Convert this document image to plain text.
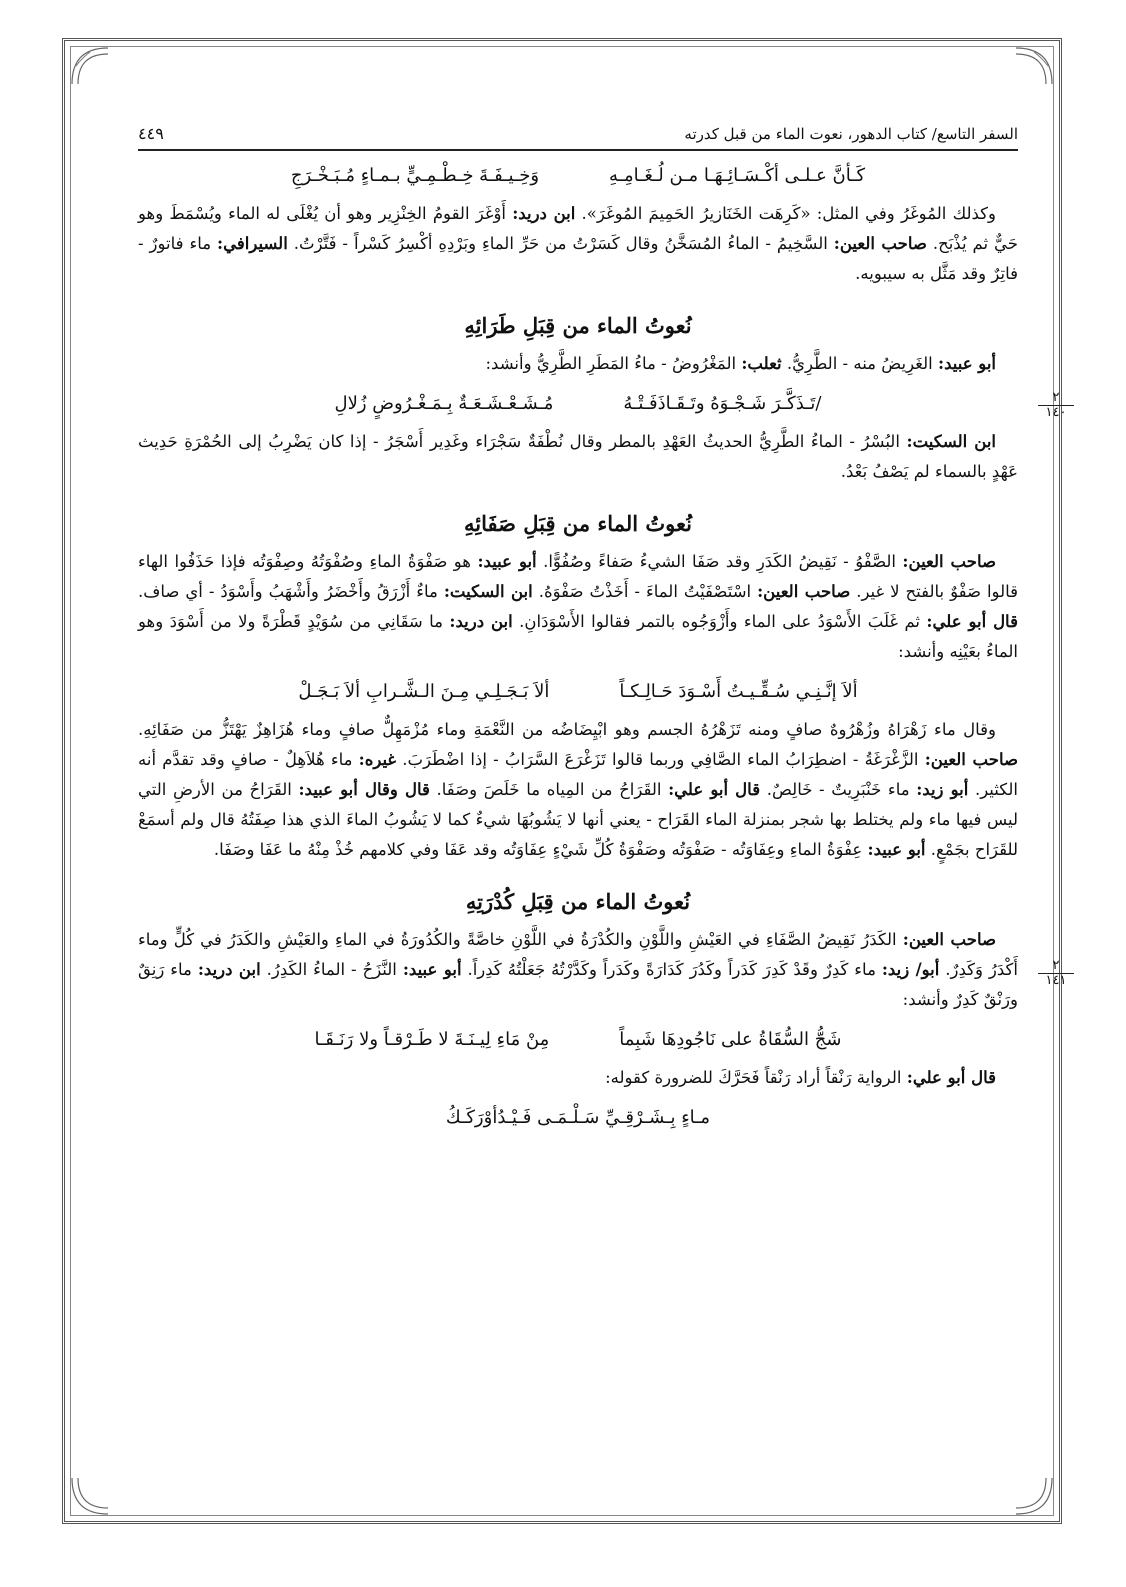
السفر التاسع/ كتاب الدهور، نعوت الماء من قبل كدرته
٤٤٩
كَـأنَّ عـلـى أكْـسَـائِـهَـا مـن لُـغَـامِـهِ
وَخِـيـفَـةَ خِـطْـمِـيٍّ بـمـاءٍ مُـبَـخْـرَجِ

وكذلك المُوغَرُ وفي المثل: «كَرِهَت الخَنَازيرُ الحَمِيمَ المُوغَرَ». ابن دريد: أَوْغَرَ القومُ الخِنْزِير وهو أن يُغْلَى له الماء ويُسْمَطَ وهو حَيٌّ ثم يُذْبَح. صاحب العين: السَّخِيمُ - الماءُ المُسَخَّنُ وقال كَسَرْتُ من حَرِّ الماءِ وبَرْدِهِ أكْسِرُ كَسْراً - فَتَّرْتُ. السيرافي: ماء فاتورٌ - فاتِرٌ وقد مَثَّل به سيبويه.

نُعوتُ الماء من قِبَلِ طَرَائِهِ

أبو عبيد: الغَرِيضُ منه - الطَّرِيُّ. ثعلب: المَغْرُوضُ - ماءُ المَطَرِ الطَّرِيُّ وأنشد:

/تَـذَكَّـرَ شَـجْـوَهُ وتَـقَـاذَفَـتْـهُ
مُـشَـعْـشَـعَـةٌ بِـمَـغْـرُوضٍ زُلالِ	٢
١٤٠

ابن السكيت: البُسْرُ - الماءُ الطَّرِيُّ الحديثُ العَهْدِ بالمطر وقال نُطْفَةٌ سَجْرَاء وغَدِير أَسْجَرُ - إذا كان يَضْرِبُ إلى الحُمْرَةِ حَدِيث عَهْدٍ بالسماء لم يَصْفُ بَعْدُ.

نُعوتُ الماء من قِبَلِ صَفَائِهِ

صاحب العين: الصَّفْوُ - نَقِيضُ الكَدَرِ وقد صَفَا الشيءُ صَفاءً وصُفُوًّا. أبو عبيد: هو صَفْوَةُ الماءِ وصُفْوَتُهُ وصِفْوَتُه فإذا حَذَفُوا الهاء قالوا صَفْوٌ بالفتح لا غير. صاحب العين: اسْتَصْفَيْتُ الماءَ - أَخَذْتُ صَفْوَهُ. ابن السكيت: ماءٌ أَزْرَقُ وأَخْضَرُ وأَشْهَبُ وأَسْوَدُ - أي صاف. قال أبو علي: ثم غَلَبَ الأَسْوَدُ على الماء وأَزْوَجُوه بالتمر فقالوا الأَسْوَدَانِ. ابن دريد: ما سَقَانِي من سُوَيْدٍ قَطْرَةً ولا من أَسْوَدَ وهو الماءُ بعَيْنِه وأنشد:

ألاَ إنَّـنِـي سُـقِّـيـتُ أَسْـوَدَ حَـالِـكـاً
ألاَ بَـجَـلِـي مِـنَ الـشَّـرابِ ألاَ بَـجَـلْ

وقال ماء زَهْرَاهُ وزُهْرُوهٌ صافٍ ومنه تَزَهْرُهُ الجسم وهو ابْيِضَاضُه من النَّعْمَةِ وماء مُزْمَهِلٌّ صافٍ وماء هُزَاهِزٌ يَهْتَزُّ من صَفَائِهِ. صاحب العين: الزَّغْرَغَةُ - اضطِرَابُ الماء الصَّافِي وربما قالوا تَزَغْرَعَ السَّرَابُ - إذا اضْطَرَبَ. غيره: ماء هُلاَهِلٌ - صافٍ وقد تقدَّم أنه الكثير. أبو زيد: ماء خَنْبَرِيتٌ - خَالِصٌ. قال أبو علي: القَرَاحُ من المِياه ما خَلَصَ وصَفَا. قال وقال أبو عبيد: القَرَاحُ من الأرضِ التي ليس فيها ماء ولم يختلط بها شجر بمنزلة الماء القَرَاح - يعني أنها لا يَشُوبُهَا شيءٌ كما لا يَشُوبُ الماءَ الذي هذا صِفَتُهُ قال ولم أسمَعْ للقَرَاح بجَمْعٍ. أبو عبيد: عِفْوَةُ الماءِ وعِفَاوَتُه - صَفْوَتُه وصَفْوَةُ كُلِّ شَيْءٍ عِفَاوَتُه وقد عَفَا وفي كلامهم خُذْ مِنْهُ ما عَفَا وصَفَا.

نُعوتُ الماء من قِبَلِ كُدْرَتِهِ

صاحب العين: الكَدَرُ نَقِيضُ الصَّفَاءِ في العَيْشِ واللَّوْنِ والكُدْرَةُ في اللَّوْنِ خاصَّةً والكُدُورَةُ في الماءِ والعَيْشِ والكَدَرُ في كُلٍّ وماء أَكْدَرُ وَكَدِرٌ. أبو/ زيد: ماء كَدِرٌ وقَدْ كَدِرَ كَدَراً وكَدُرَ كَدَارَةً وكَدَراً وكَدَّرْتُهُ جَعَلْتُهُ كَدِراً. أبو عبيد: النَّزَحُ - الماءُ الكَدِرُ. ابن دريد: ماء رَنِقٌ ورَنْقٌ كَدِرٌ وأنشد:

٢
١٤١
شَجُّ السُّقَاةُ على نَاجُودِهَا شَبِماً
مِنْ مَاءِ لِيـنَـةَ لا طَـرْقـاً ولا رَنَـقَـا

قال أبو علي: الرواية رَنْقاً أراد رَنْقاً فَحَرَّكَ للضرورة كقوله:

مـاءٍ بِـشَـرْقِـيِّ سَـلْـمَـى فَـيْـدُأوْرَكَـكُ
